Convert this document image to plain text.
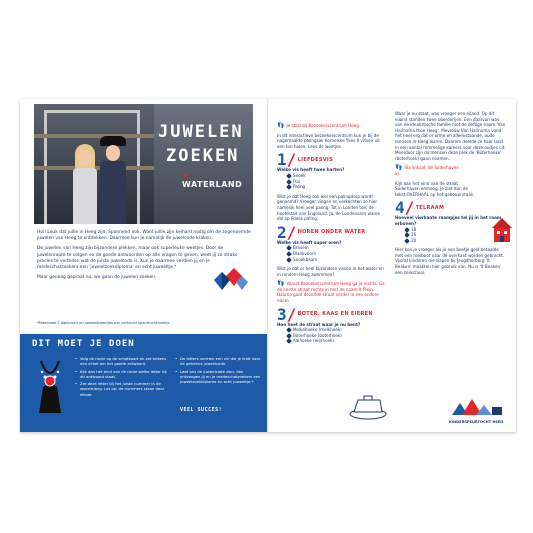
JUWELEN
ZOEKEN
★ WATERLAND

Hoi! Leuk dat jullie in Heeg zijn. Spannend ook. Want jullie zijn keihard nodig om de zogenoemde juwelen van Heeg te ontdekken. Daarmee kun je namelijk de juwelcode kraken.

De juwelen van Heeg zijn bijzondere plekken, maar ook superleuke weetjes. Door de juwelenroute te volgen en de goede antwoorden op alle vragen te geven, weet jij zo straks precies te vertellen wat de juiste juwelcode is. Kun je daarmee verdien jij en je medeschatzoekers een 'juweelzoekdiploma' en echt juweeltje.*

Maar genoeg gepraat nu, we gaan de juwelen zoeken.

*Maximaal 3 diploma's en juweelsteentjes per verkocht speurtochtboekje.
DIT MOET JE DOEN
• Volg de route op de schatkaart en zet telkens een cirkel om het goede antwoord.
• Kijk aan het eind van de route welke letter bij dit antwoord staat.
• Zet deze letter bij het juiste nummer in de woordslang. Let op: de nummers staan door elkaar.
• De letters vormen een zin die je leidt naar de geheime juweelcode.
• Laat ons de juweelcode zien, dan ontvangen jij en je medeschatzoekers een juweelzoekdiploma en echt juweeltje.*
VEEL SUCCES!

👣 Je start bij Bezoekerscentrum Heeg.

In dit interactieve bezoekerscentrum kun je bij de nagemaakte palingsak Kornelske Ykes II vissen uit een ton halen. Lees de weetjes.

1/ LIEFDESVIS

Welke vis heeft twee harten?

Snoek
Pos
Paling

Wist je dat Heeg ook wel een palingdorp wordt genoemd? Vroeger vingen en verkochten ze hier namelijk heel veel paling. Tot in Londen toe, de hoofdstad van Engeland. Ja, de Londenaren waren dol op Friese paling.

2/ HOREN ONDER WATER

Welke vis heeft super oren?

Brasem
Blankvoorn
Snoekbaars

Wist je dat er heel bijzondere vissen in het water en in rondom Heeg zwemmen?

👣 Vanuit Bezoekerscentrum Heeg ga je rechts. Ga de eerste straat rechts in met de naam It Plein. Daarna gaat dezelfde straat verder in een andere naam.

3/ BOTER, KAAS EN EIEREN

Hoe heet de straat waar je nu bent?

Molkehoeke (melkhoek)
Bûterhoeke (boterhoek)
Aaihoeke (eierhoek)

Waar je nu staat, was vroeger een eiland. Op dit eiland stonden twee boerderijen. Een daarvan was van de idealistische familie met de deftige naam 'Van Harinxma thoe Heeg'. Mevrouw Van Harinxma vond het heel erg dat er arme en alleenstaande, oude mensen in Heeg waren. Daarom deelde ze haar land in een aantal rommelige kamers voor deze oudjes uit. Meerdoor zijn de mensen deze plek de 'Bûterhoeke' (boterhoek) gaan noemen.

👣 Sla linksaf, de Súderhaven in.

Kijk aan het eind van de straat Súderhaven omhoog. Je ziet dan de tekst OVERHAAL op het gebouw staan.

4/ TELRAAM

Hoeveel vierkante raampjes tel jij in het raam erboven?

18
16
20

Hier kon je vroeger als je een beetje geld betaalde met een roeiboot naar de overkant worden gebracht. Vooral kinderen die slapen bij Jeugdherberg 'It Beaken' maakten hier gebruik van. Nu is 'It Beaken' een zeilschool.

KINDERSPEURTOCHT HEEG
